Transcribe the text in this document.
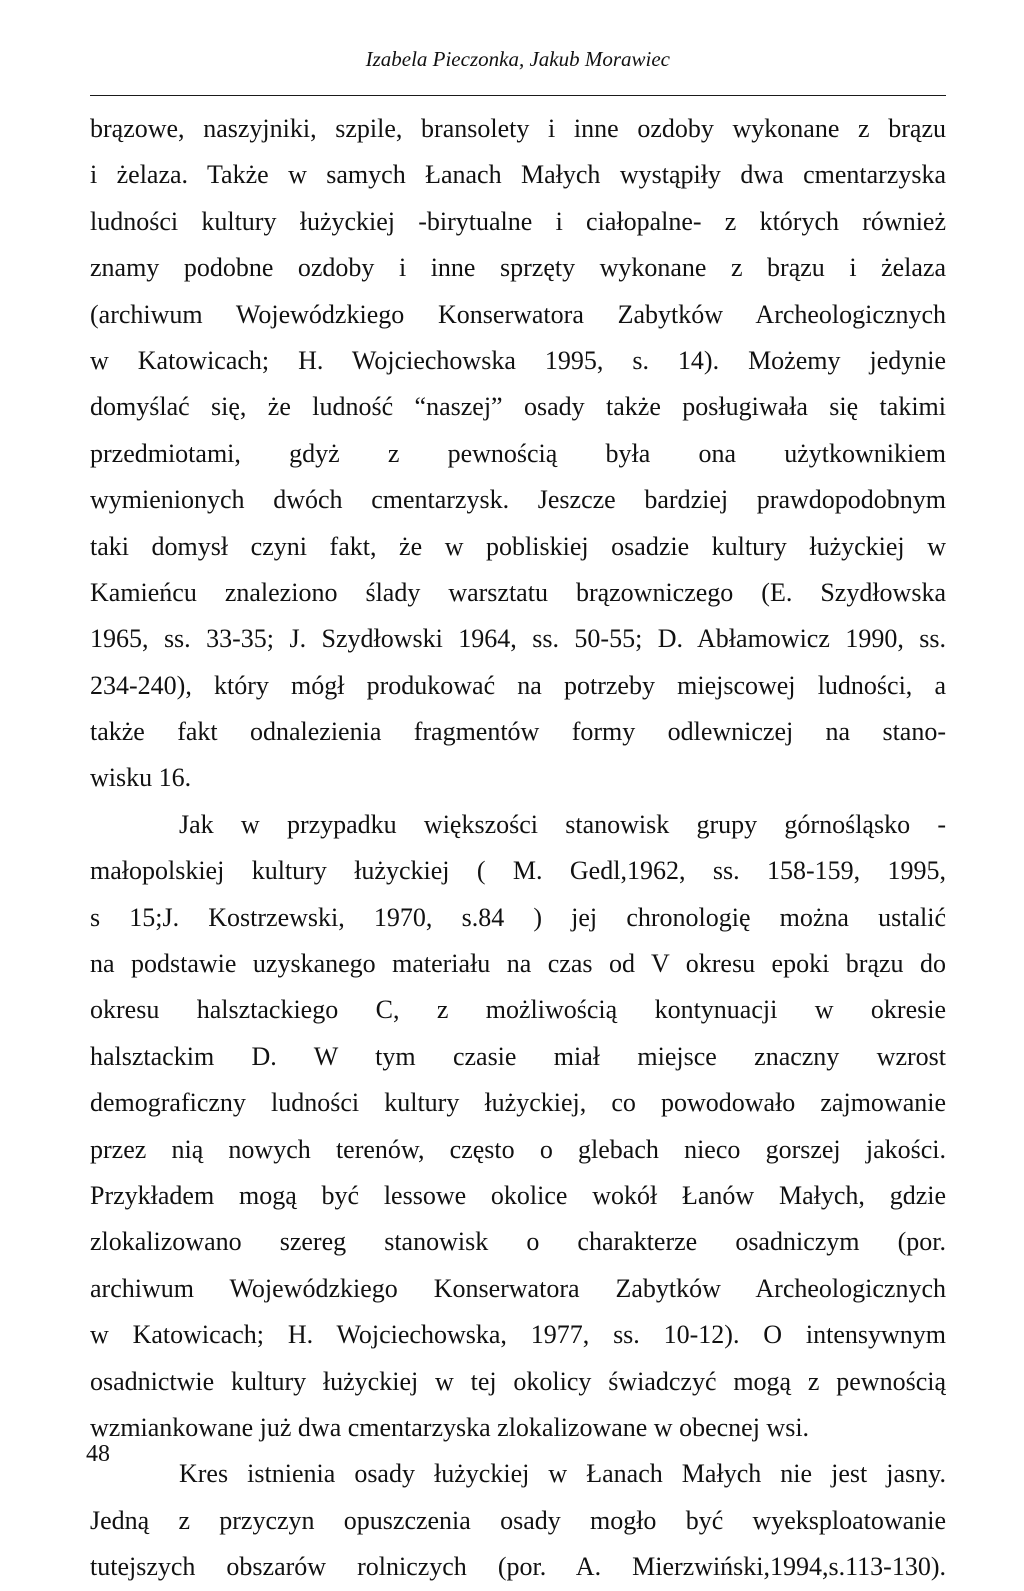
Izabela Pieczonka, Jakub Morawiec
brązowe, naszyjniki, szpile, bransolety i inne ozdoby wykonane z brązu
i żelaza. Także w samych Łanach Małych wystąpiły dwa cmentarzyska
ludności kultury łużyckiej -birytualne i ciałopalne- z których również
znamy podobne ozdoby i inne sprzęty wykonane z brązu i żelaza
(archiwum Wojewódzkiego Konserwatora Zabytków Archeologicznych
w Katowicach; H. Wojciechowska 1995, s. 14). Możemy jedynie
domyślać się, że ludność “naszej” osady także posługiwała się takimi
przedmiotami, gdyż z pewnością była ona użytkownikiem
wymienionych dwóch cmentarzysk. Jeszcze bardziej prawdopodobnym
taki domysł czyni fakt, że w pobliskiej osadzie kultury łużyckiej w
Kamieńcu znaleziono ślady warsztatu brązowniczego (E. Szydłowska
1965, ss. 33-35; J. Szydłowski 1964, ss. 50-55; D. Abłamowicz 1990, ss.
234-240), który mógł produkować na potrzeby miejscowej ludności, a
także fakt odnalezienia fragmentów formy odlewniczej na stano-
wisku 16.
Jak w przypadku większości stanowisk grupy górnośląsko -
małopolskiej kultury łużyckiej ( M. Gedl,1962, ss. 158-159, 1995,
s 15;J. Kostrzewski, 1970, s.84 ) jej chronologię można ustalić
na podstawie uzyskanego materiału na czas od V okresu epoki brązu do
okresu halsztackiego C, z możliwością kontynuacji w okresie
halsztackim D. W tym czasie miał miejsce znaczny wzrost
demograficzny ludności kultury łużyckiej, co powodowało zajmowanie
przez nią nowych terenów, często o glebach nieco gorszej jakości.
Przykładem mogą być lessowe okolice wokół Łanów Małych, gdzie
zlokalizowano szereg stanowisk o charakterze osadniczym (por.
archiwum Wojewódzkiego Konserwatora Zabytków Archeologicznych
w Katowicach; H. Wojciechowska, 1977, ss. 10-12). O intensywnym
osadnictwie kultury łużyckiej w tej okolicy świadczyć mogą z pewnością
wzmiankowane już dwa cmentarzyska zlokalizowane w obecnej wsi.
Kres istnienia osady łużyckiej w Łanach Małych nie jest jasny.
Jedną z przyczyn opuszczenia osady mogło być wyeksploatowanie
tutejszych obszarów rolniczych (por. A. Mierzwiński,1994,s.113-130).
48
